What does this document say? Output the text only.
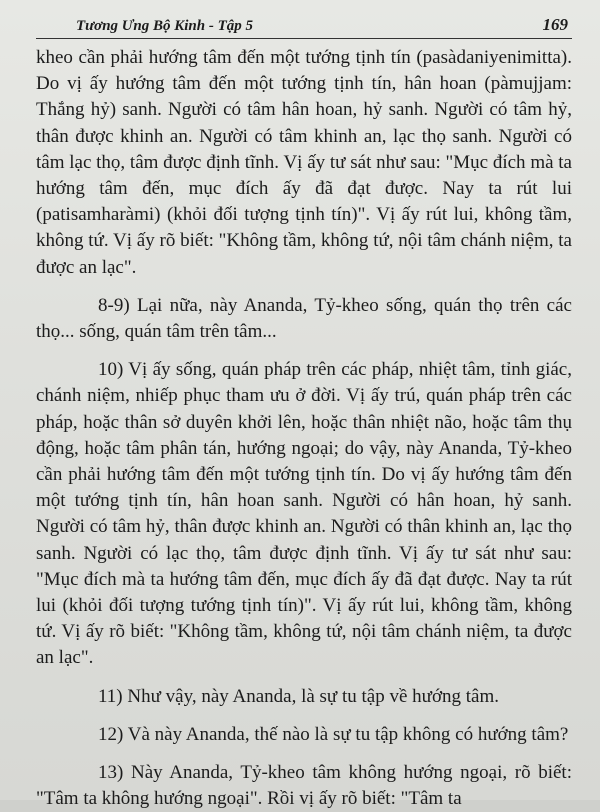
Tương Ưng Bộ Kinh - Tập 5	169

kheo cần phải hướng tâm đến một tướng tịnh tín (pasàdaniyenimitta). Do vị ấy hướng tâm đến một tướng tịnh tín, hân hoan (pàmujjam: Thắng hỷ) sanh. Người có tâm hân hoan, hỷ sanh. Người có tâm hỷ, thân được khinh an. Người có tâm khinh an, lạc thọ sanh. Người có tâm lạc thọ, tâm được định tĩnh. Vị ấy tư sát như sau: "Mục đích mà ta hướng tâm đến, mục đích ấy đã đạt được. Nay ta rút lui (patisamharàmi) (khỏi đối tượng tịnh tín)". Vị ấy rút lui, không tầm, không tứ. Vị ấy rõ biết: "Không tầm, không tứ, nội tâm chánh niệm, ta được an lạc".

8-9) Lại nữa, này Ananda, Tỷ-kheo sống, quán thọ trên các thọ... sống, quán tâm trên tâm...

10) Vị ấy sống, quán pháp trên các pháp, nhiệt tâm, tỉnh giác, chánh niệm, nhiếp phục tham ưu ở đời. Vị ấy trú, quán pháp trên các pháp, hoặc thân sở duyên khởi lên, hoặc thân nhiệt não, hoặc tâm thụ động, hoặc tâm phân tán, hướng ngoại; do vậy, này Ananda, Tỷ-kheo cần phải hướng tâm đến một tướng tịnh tín. Do vị ấy hướng tâm đến một tướng tịnh tín, hân hoan sanh. Người có hân hoan, hỷ sanh. Người có tâm hỷ, thân được khinh an. Người có thân khinh an, lạc thọ sanh. Người có lạc thọ, tâm được định tĩnh. Vị ấy tư sát như sau: "Mục đích mà ta hướng tâm đến, mục đích ấy đã đạt được. Nay ta rút lui (khỏi đối tượng tướng tịnh tín)". Vị ấy rút lui, không tầm, không tứ. Vị ấy rõ biết: "Không tầm, không tứ, nội tâm chánh niệm, ta được an lạc".

11) Như vậy, này Ananda, là sự tu tập về hướng tâm.

12) Và này Ananda, thế nào là sự tu tập không có hướng tâm?

13) Này Ananda, Tỷ-kheo tâm không hướng ngoại, rõ biết: "Tâm ta không hướng ngoại". Rồi vị ấy rõ biết: "Tâm ta
